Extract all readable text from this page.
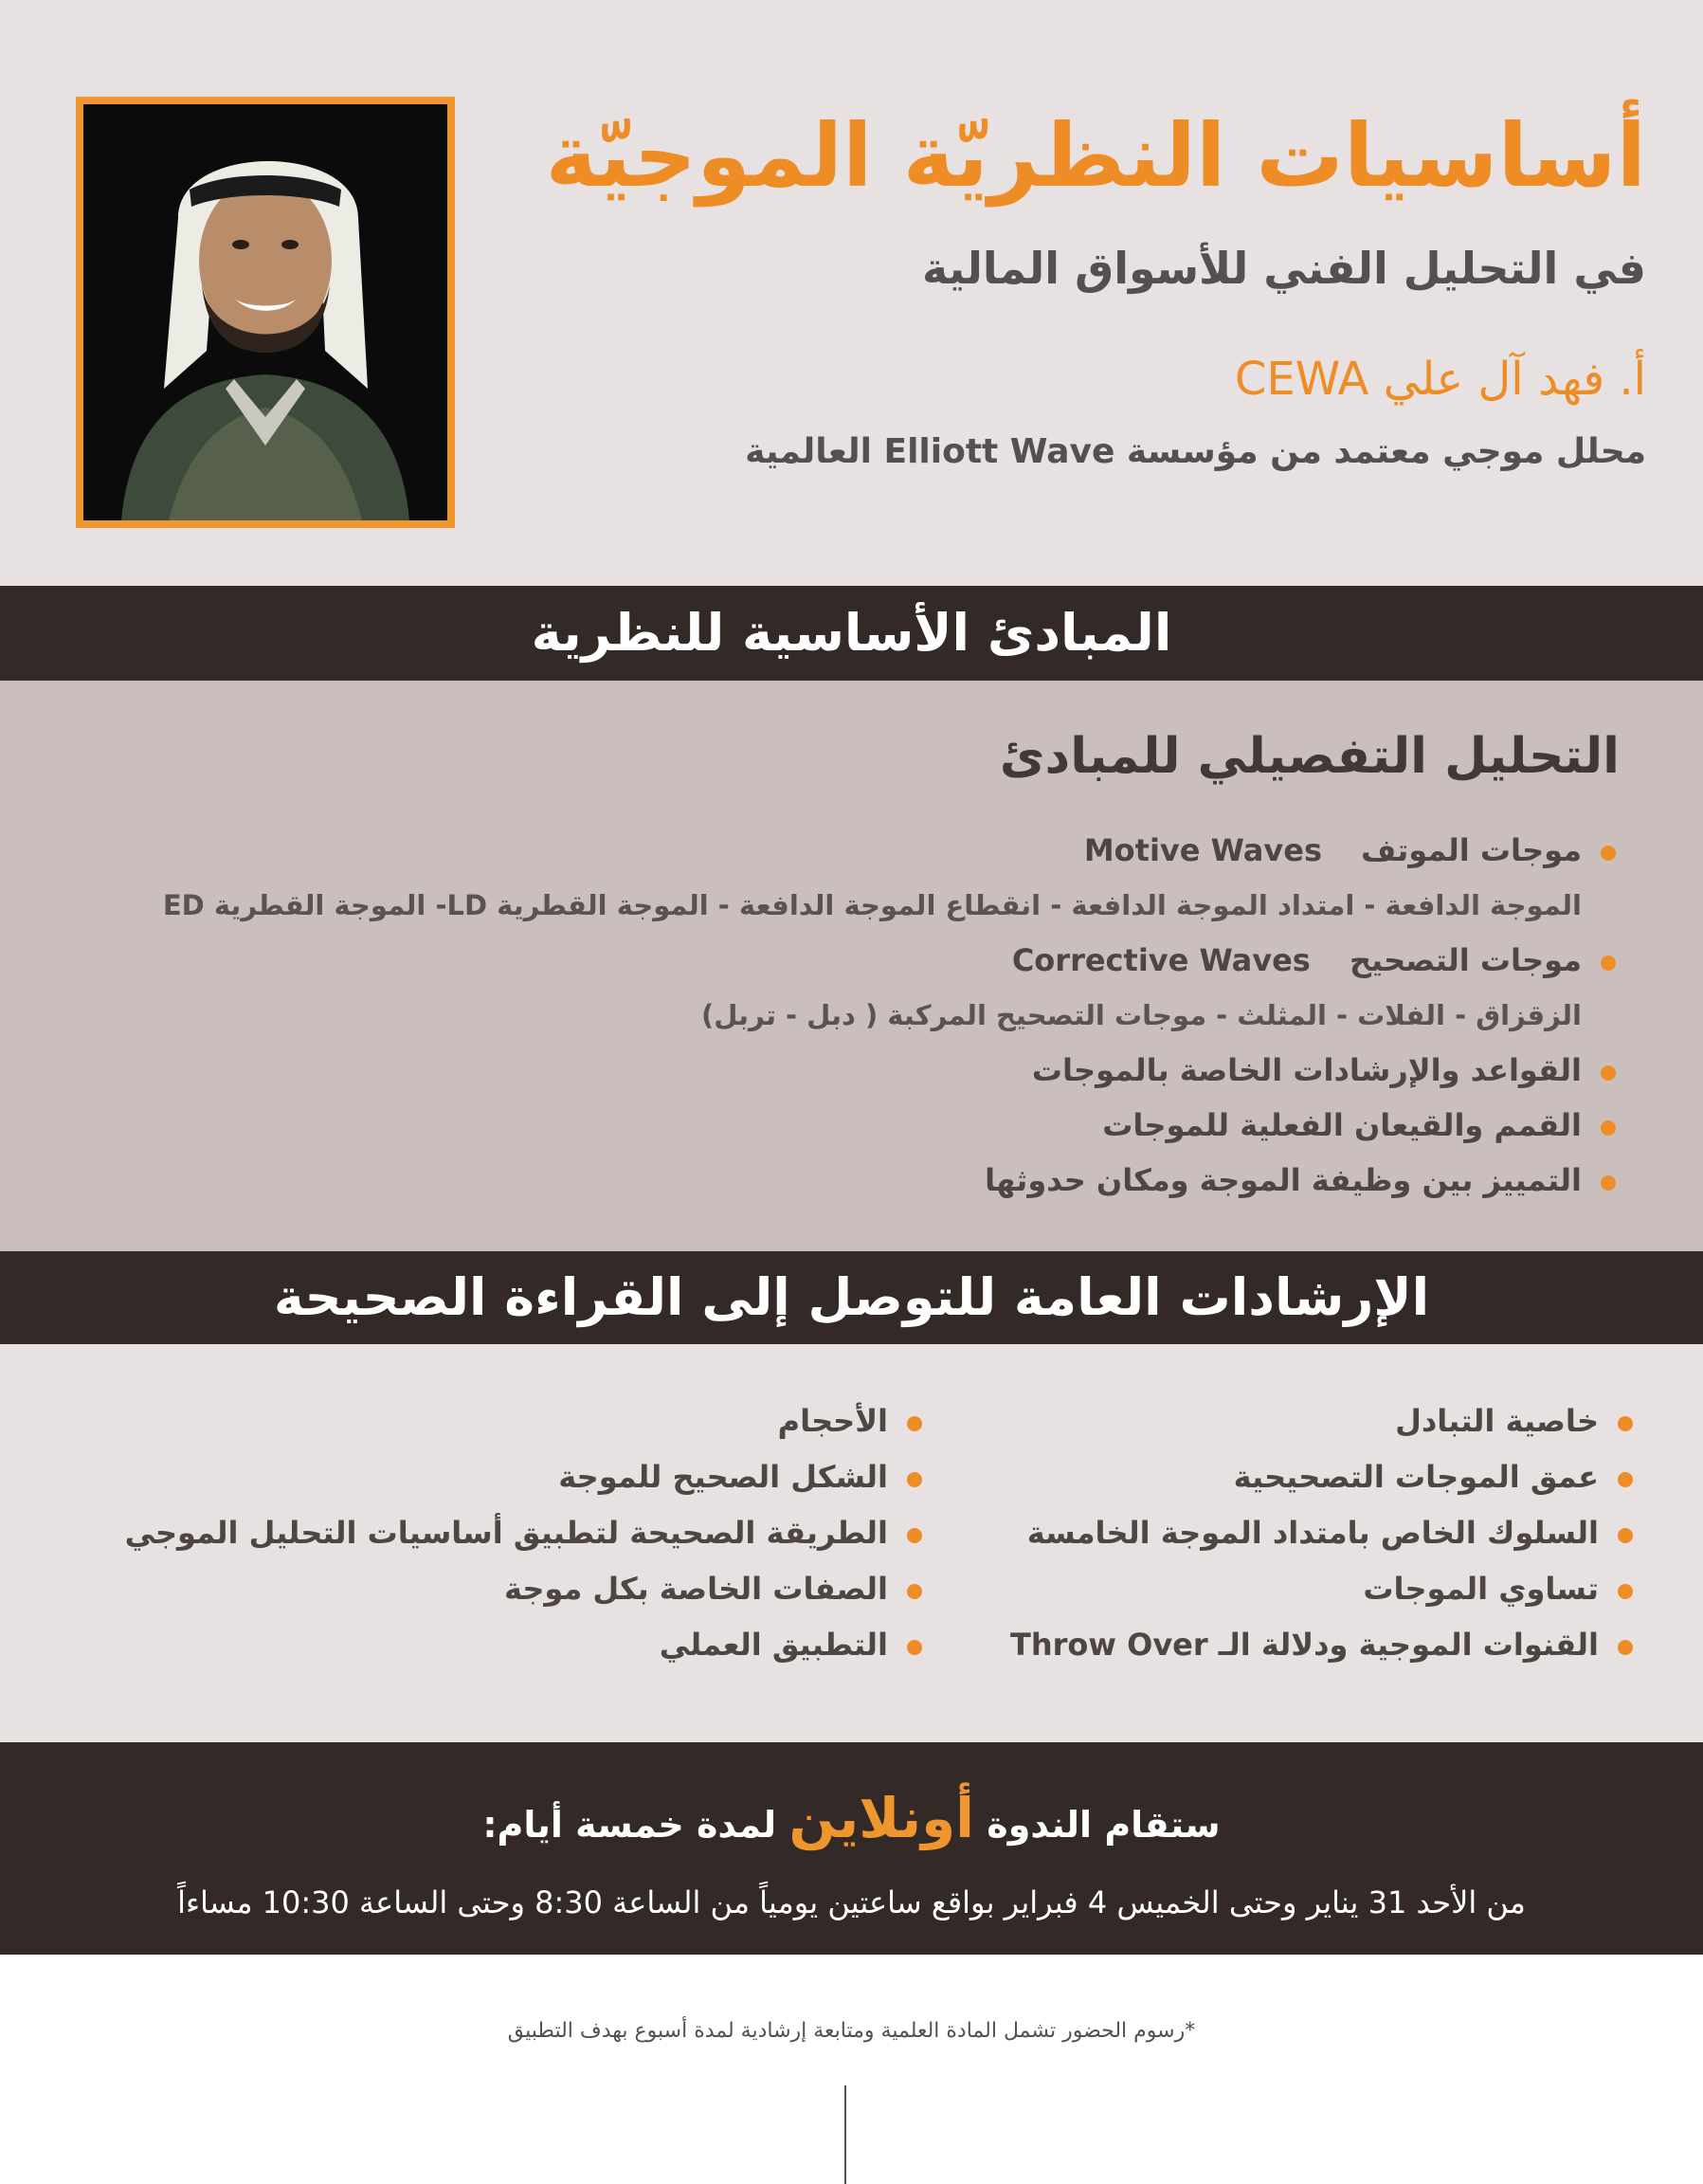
أساسيات النظريّة الموجيّة

في التحليل الفني للأسواق المالية

أ. فهد آل علي CEWA

محلل موجي معتمد من مؤسسة Elliott Wave العالمية

المبادئ الأساسية للنظرية
التحليل التفصيلي للمبادئ
موجات الموتف Motive Waves
الموجة الدافعة - امتداد الموجة الدافعة - انقطاع الموجة الدافعة - الموجة القطرية LD- الموجة القطرية ED
موجات التصحيح Corrective Waves
الزقزاق - الفلات - المثلث - موجات التصحيح المركبة ( دبل - تربل)
القواعد والإرشادات الخاصة بالموجات
القمم والقيعان الفعلية للموجات
التمييز بين وظيفة الموجة ومكان حدوثها
الإرشادات العامة للتوصل إلى القراءة الصحيحة
خاصية التبادل
عمق الموجات التصحيحية
السلوك الخاص بامتداد الموجة الخامسة
تساوي الموجات
القنوات الموجية ودلالة الـ Throw Over
الأحجام
الشكل الصحيح للموجة
الطريقة الصحيحة لتطبيق أساسيات التحليل الموجي
الصفات الخاصة بكل موجة
التطبيق العملي
ستقام الندوة أونلاين لمدة خمسة أيام:
من الأحد 31 يناير وحتى الخميس 4 فبراير بواقع ساعتين يومياً من الساعة 8:30 وحتى الساعة 10:30 مساءاً
*رسوم الحضور تشمل المادة العلمية ومتابعة إرشادية لمدة أسبوع بهدف التطبيق
